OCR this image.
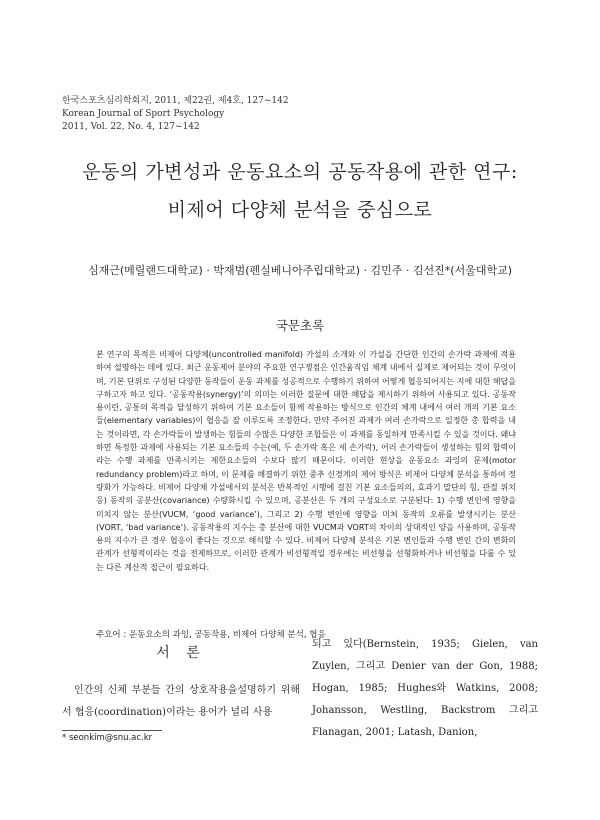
한국스포츠심리학회지, 2011, 제22권, 제4호, 127~142
Korean Journal of Sport Psychology
2011, Vol. 22, No. 4, 127~142
운동의 가변성과 운동요소의 공동작용에 관한 연구:
비제어 다양체 분석을 중심으로
심재근(메릴랜드대학교) · 박재범(펜실베니아주립대학교) · 김민주 · 김선진*(서울대학교)
국문초록
본 연구의 목적은 비제어 다양체(uncontrolled manifold) 가설의 소개와 이 가설을 간단한 인간의 손가락 과제에 적용하여 설명하는 데에 있다. 최근 운동제어 분야의 주요한 연구쟁점은 인간움직임 체계 내에서 실제로 제어되는 것이 무엇이며, 기본 단위로 구성된 다양한 동작들이 운동 과제를 성공적으로 수행하기 위하여 어떻게 협응되어지는 지에 대한 해답을 구하고자 하고 있다. ‘공동작용(synergy)’의 의미는 이러한 질문에 대한 해답을 제시하기 위하여 사용되고 있다. 공동작용이란, 공통의 목적을 달성하기 위하여 기본 요소들이 함께 작용하는 방식으로 인간의 체계 내에서 여러 개의 기본 요소들(elementary variables)이 협응을 잘 이루도록 조정한다. 만약 주어진 과제가 여러 손가락으로 일정한 총 합력을 내는 것이라면, 각 손가락들이 발생하는 힘들의 수많은 다양한 조합들은 이 과제를 동일하게 만족시킬 수 있을 것이다. 왜냐하면 특정한 과제에 사용되는 기본 요소들의 수는(예, 두 손가락 혹은 세 손가락), 어러 손가락들이 생성하는 힘의 합력이라는 수행 과제를 만족시키는 제한요소들의 수보다 많기 때문이다. 이러한 현상을 운동요소 과잉의 문제(motor redundancy problem)라고 하며, 이 문제를 해결하기 위한 중추 신경계의 제어 방식은 비제어 다양체 분석을 통하여 정량화가 가능하다. 비제어 다양체 가설에서의 분석은 반복적인 시행에 걸친 기본 요소들의의, 효과기 말단의 힘, 관절 위치 등) 동작의 공분산(covariance) 수량화시킬 수 있으며, 공분산은 두 개의 구성요소로 구분된다: 1) 수행 변인에 영향을 미치지 않는 분산(VUCM, ‘good variance’), 그리고 2) 수행 변인에 영향을 미쳐 동작의 오류를 발생시키는 분산(VORT, ‘bad variance’). 공동작용의 지수는 총 분산에 대한 VUCM과 VORT의 차이의 상대적인 양을 사용하며, 공동작용의 지수가 큰 경우 협응이 좋다는 것으로 해석할 수 있다. 비제어 다양체 분석은 기본 변인들과 수행 변인 간의 변화의 관계가 선형적이라는 것을 전제하므로, 이러한 관계가 비선형적일 경우에는 비선형을 선형화하거나 비선형을 다룰 수 있는 다른 계산적 접근이 필요하다.
주요어 : 운동요소의 과잉, 공동작용, 비제어 다양체 분석, 협응
서 론
인간의 신체 부분들 간의 상호작용을설명하기 위해서 협응(coordination)이라는 용어가 널리 사용
되고 있다(Bernstein, 1935; Gielen, van Zuylen, 그리고 Denier van der Gon, 1988; Hogan, 1985; Hughes와 Watkins, 2008; Johansson, Westling, Backstrom 그리고 Flanagan, 2001; Latash, Danion,
* seonkim@snu.ac.kr
